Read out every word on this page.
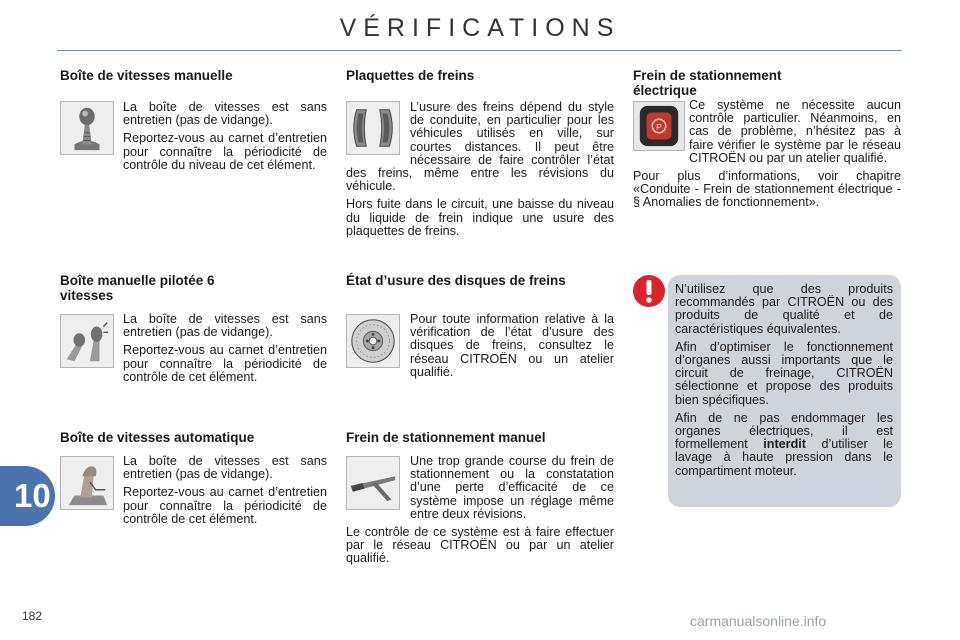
VÉRIFICATIONS
Boîte de vitesses manuelle

La boîte de vitesses est sans entretien (pas de vidange).

Reportez-vous au carnet d’entretien pour connaître la périodicité de contrôle du niveau de cet élément.

Boîte manuelle pilotée 6 vitesses

La boîte de vitesses est sans entretien (pas de vidange).

Reportez-vous au carnet d’entretien pour connaître la périodicité de contrôle de cet élément.

Boîte de vitesses automatique

La boîte de vitesses est sans entretien (pas de vidange).

Reportez-vous au carnet d’entretien pour connaître la périodicité de contrôle de cet élément.

Plaquettes de freins

L’usure des freins dépend du style de conduite, en particulier pour les véhicules utilisés en ville, sur courtes distances. Il peut être nécessaire de faire contrôler l’état des freins, même entre les révisions du véhicule.

Hors fuite dans le circuit, une baisse du niveau du liquide de frein indique une usure des plaquettes de freins.

État d’usure des disques de freins

Pour toute information relative à la vérification de l’état d’usure des disques de freins, consultez le réseau CITROËN ou un atelier qualifié.

Frein de stationnement manuel

Une trop grande course du frein de stationnement ou la constatation d’une perte d’efficacité de ce système impose un réglage même entre deux révisions.

Le contrôle de ce système est à faire effectuer par le réseau CITROËN ou par un atelier qualifié.

Frein de stationnement électrique
P

Ce système ne nécessite aucun contrôle particulier. Néanmoins, en cas de problème, n’hésitez pas à faire vérifier le système par le réseau CITROËN ou par un atelier qualifié.

Pour plus d’informations, voir chapitre «Conduite - Frein de stationnement électrique - § Anomalies de fonctionnement».

N’utilisez que des produits recommandés par CITROËN ou des produits de qualité et de caractéristiques équivalentes.

Afin d’optimiser le fonctionnement d’organes aussi importants que le circuit de freinage, CITROËN sélectionne et propose des produits bien spécifiques.

Afin de ne pas endommager les organes électriques, il est formellement interdit d’utiliser le lavage à haute pression dans le compartiment moteur.

10
182	carmanualsonline.info
